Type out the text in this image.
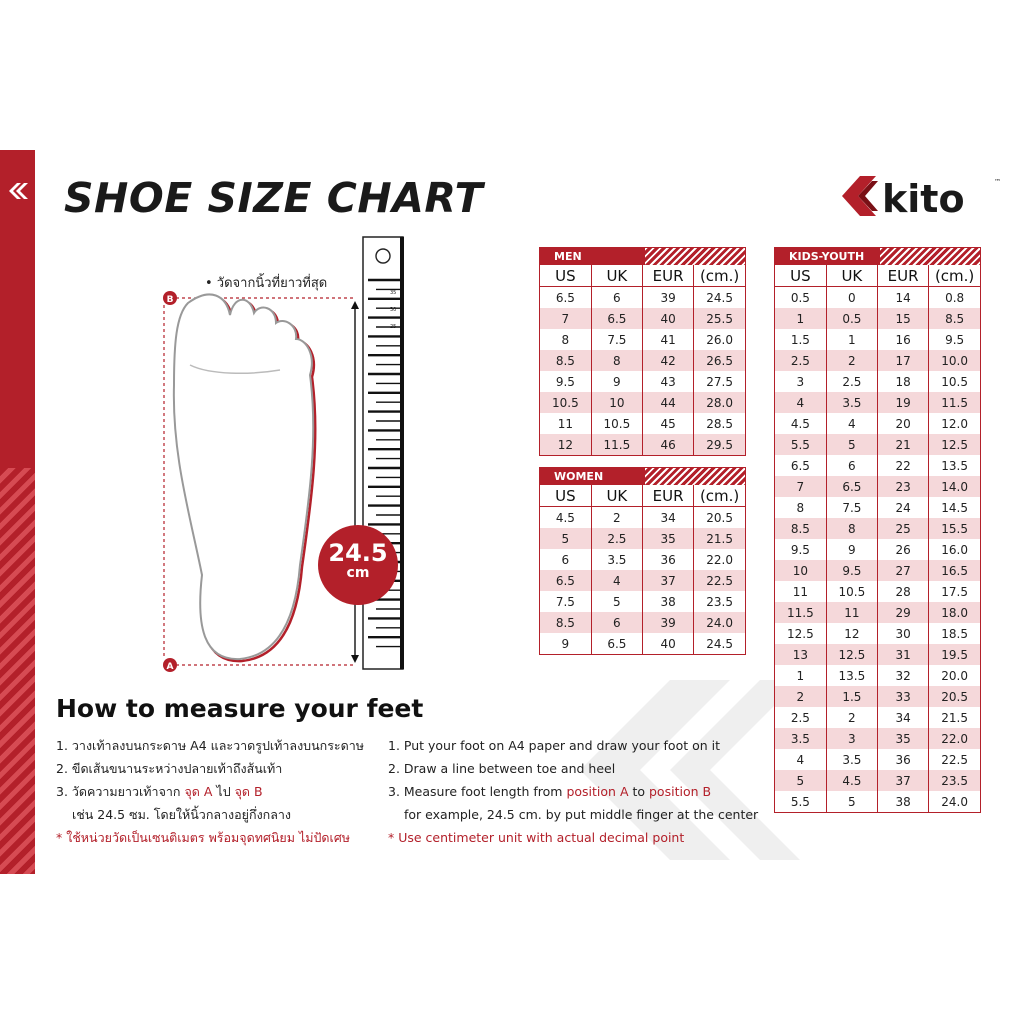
SHOE SIZE CHART	kito	™
B
A
• วัดจากนิ้วที่ยาวที่สุด
35
30
25
24.5
cm
MEN
US	UK	EUR	(cm.)
6.5	6	39	24.5
7	6.5	40	25.5
8	7.5	41	26.0
8.5	8	42	26.5
9.5	9	43	27.5
10.5	10	44	28.0
11	10.5	45	28.5
12	11.5	46	29.5
WOMEN
US	UK	EUR	(cm.)
4.5	2	34	20.5
5	2.5	35	21.5
6	3.5	36	22.0
6.5	4	37	22.5
7.5	5	38	23.5
8.5	6	39	24.0
9	6.5	40	24.5
KIDS-YOUTH
US	UK	EUR	(cm.)
0.5	0	14	0.8
1	0.5	15	8.5
1.5	1	16	9.5
2.5	2	17	10.0
3	2.5	18	10.5
4	3.5	19	11.5
4.5	4	20	12.0
5.5	5	21	12.5
6.5	6	22	13.5
7	6.5	23	14.0
8	7.5	24	14.5
8.5	8	25	15.5
9.5	9	26	16.0
10	9.5	27	16.5
11	10.5	28	17.5
11.5	11	29	18.0
12.5	12	30	18.5
13	12.5	31	19.5
1	13.5	32	20.0
2	1.5	33	20.5
2.5	2	34	21.5
3.5	3	35	22.0
4	3.5	36	22.5
5	4.5	37	23.5
5.5	5	38	24.0
How to measure your feet
1. วางเท้าลงบนกระดาษ A4 และวาดรูปเท้าลงบนกระดาษ
2. ขีดเส้นขนานระหว่างปลายเท้าถึงส้นเท้า
3. วัดความยาวเท้าจาก จุด A ไป จุด B
เช่น 24.5 ซม. โดยให้นิ้วกลางอยู่กึ่งกลาง
* ใช้หน่วยวัดเป็นเซนติเมตร พร้อมจุดทศนิยม ไม่ปัดเศษ
1. Put your foot on A4 paper and draw your foot on it
2. Draw a line between toe and heel
3. Measure foot length from position A to position B
for example, 24.5 cm. by put middle finger at the center
* Use centimeter unit with actual decimal point
